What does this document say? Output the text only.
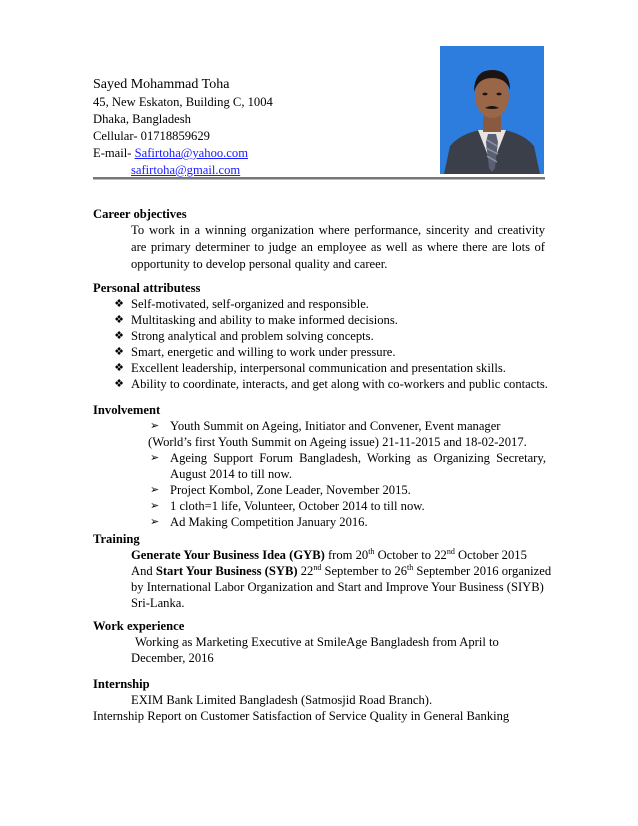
Sayed Mohammad Toha
45, New Eskaton, Building C, 1004
Dhaka, Bangladesh
Cellular- 01718859629
E-mail- Safirtoha@yahoo.com
safirtoha@gmail.com
Career objectives
To work in a winning organization where performance, sincerity and creativity are primary determiner to judge an employee as well as where there are lots of opportunity to develop personal quality and career.
Personal attributess
❖ Self-motivated, self-organized and responsible.
❖ Multitasking and ability to make informed decisions.
❖ Strong analytical and problem solving concepts.
❖ Smart, energetic and willing to work under pressure.
❖ Excellent leadership, interpersonal communication and presentation skills.
❖ Ability to coordinate, interacts, and get along with co-workers and public contacts.
Involvement
➢ Youth Summit on Ageing, Initiator and Convener, Event manager
(World’s first Youth Summit on Ageing issue) 21-11-2015 and 18-02-2017.
➢ Ageing Support Forum Bangladesh, Working as Organizing Secretary, August 2014 to till now.
➢ Project Kombol, Zone Leader, November 2015.
➢ 1 cloth=1 life, Volunteer, October 2014 to till now.
➢ Ad Making Competition January 2016.
Training
Generate Your Business Idea (GYB) from 20th October to 22nd October 2015
And Start Your Business (SYB) 22nd September to 26th September 2016 organized
by International Labor Organization and Start and Improve Your Business (SIYB)
Sri-Lanka.
Work experience
Working as Marketing Executive at SmileAge Bangladesh from April to
December, 2016
Internship
EXIM Bank Limited Bangladesh (Satmosjid Road Branch).
Internship Report on Customer Satisfaction of Service Quality in General Banking
